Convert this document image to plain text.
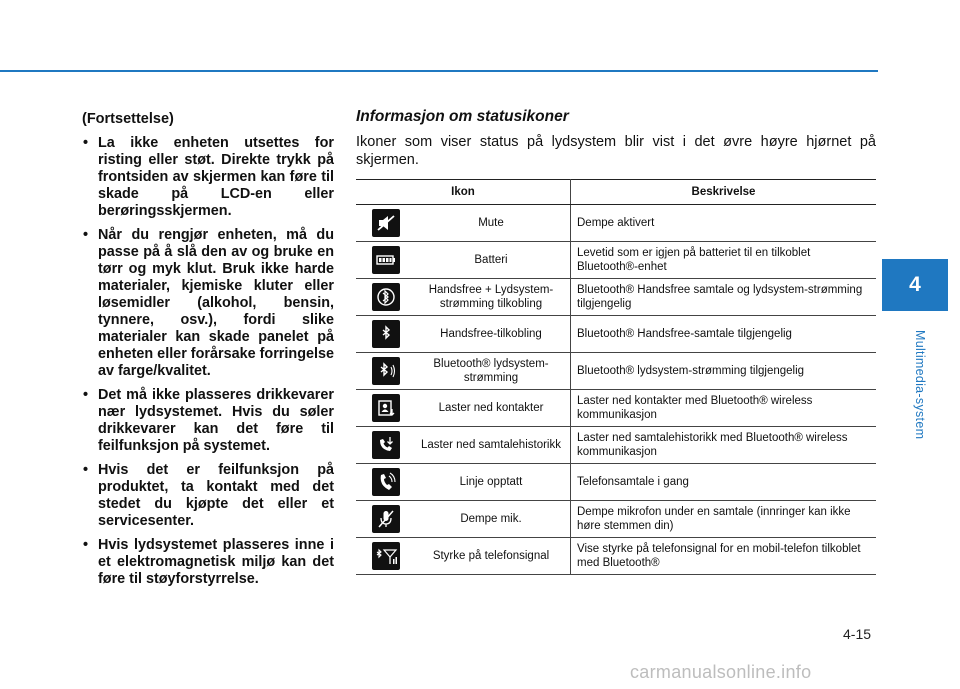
(Fortsettelse)

• La ikke enheten utsettes for risting eller støt. Direkte trykk på frontsiden av skjermen kan føre til skade på LCD-en eller berøringsskjermen.
• Når du rengjør enheten, må du passe på å slå den av og bruke en tørr og myk klut. Bruk ikke harde materialer, kjemiske kluter eller løsemidler (alkohol, bensin, tynnere, osv.), fordi slike materialer kan skade panelet på enheten eller forårsake forringelse av farge/kvalitet.
• Det må ikke plasseres drikkevarer nær lydsystemet. Hvis du søler drikkevarer kan det føre til feilfunksjon på systemet.
• Hvis det er feilfunksjon på produktet, ta kontakt med det stedet du kjøpte det eller et servicesenter.
• Hvis lydsystemet plasseres inne i et elektromagnetisk miljø kan det føre til støyforstyrrelse.

Informasjon om statusikoner

Ikoner som viser status på lydsystem blir vist i det øvre høyre hjørnet på skjermen.

Ikon		Beskrivelse

	Mute	Dempe aktivert

	Batteri	Levetid som er igjen på batteriet til en tilkoblet Bluetooth®-enhet

	Handsfree + Lydsystem-strømming tilkobling	Bluetooth® Handsfree samtale og lydsystem-strømming tilgjengelig

	Handsfree-tilkobling	Bluetooth® Handsfree-samtale tilgjengelig

	Bluetooth® lydsystem-strømming	Bluetooth® lydsystem-strømming tilgjengelig

	Laster ned kontakter	Laster ned kontakter med Bluetooth® wireless kommunikasjon

	Laster ned samtalehistorikk	Laster ned samtalehistorikk med Bluetooth® wireless kommunikasjon

	Linje opptatt	Telefonsamtale i gang

	Dempe mik.	Dempe mikrofon under en samtale (innringer kan ikke høre stemmen din)

	Styrke på telefonsignal	Vise styrke på telefonsignal for en mobil-telefon tilkoblet med Bluetooth®
4
Multimedia-system
4-15
carmanualsonline.info
